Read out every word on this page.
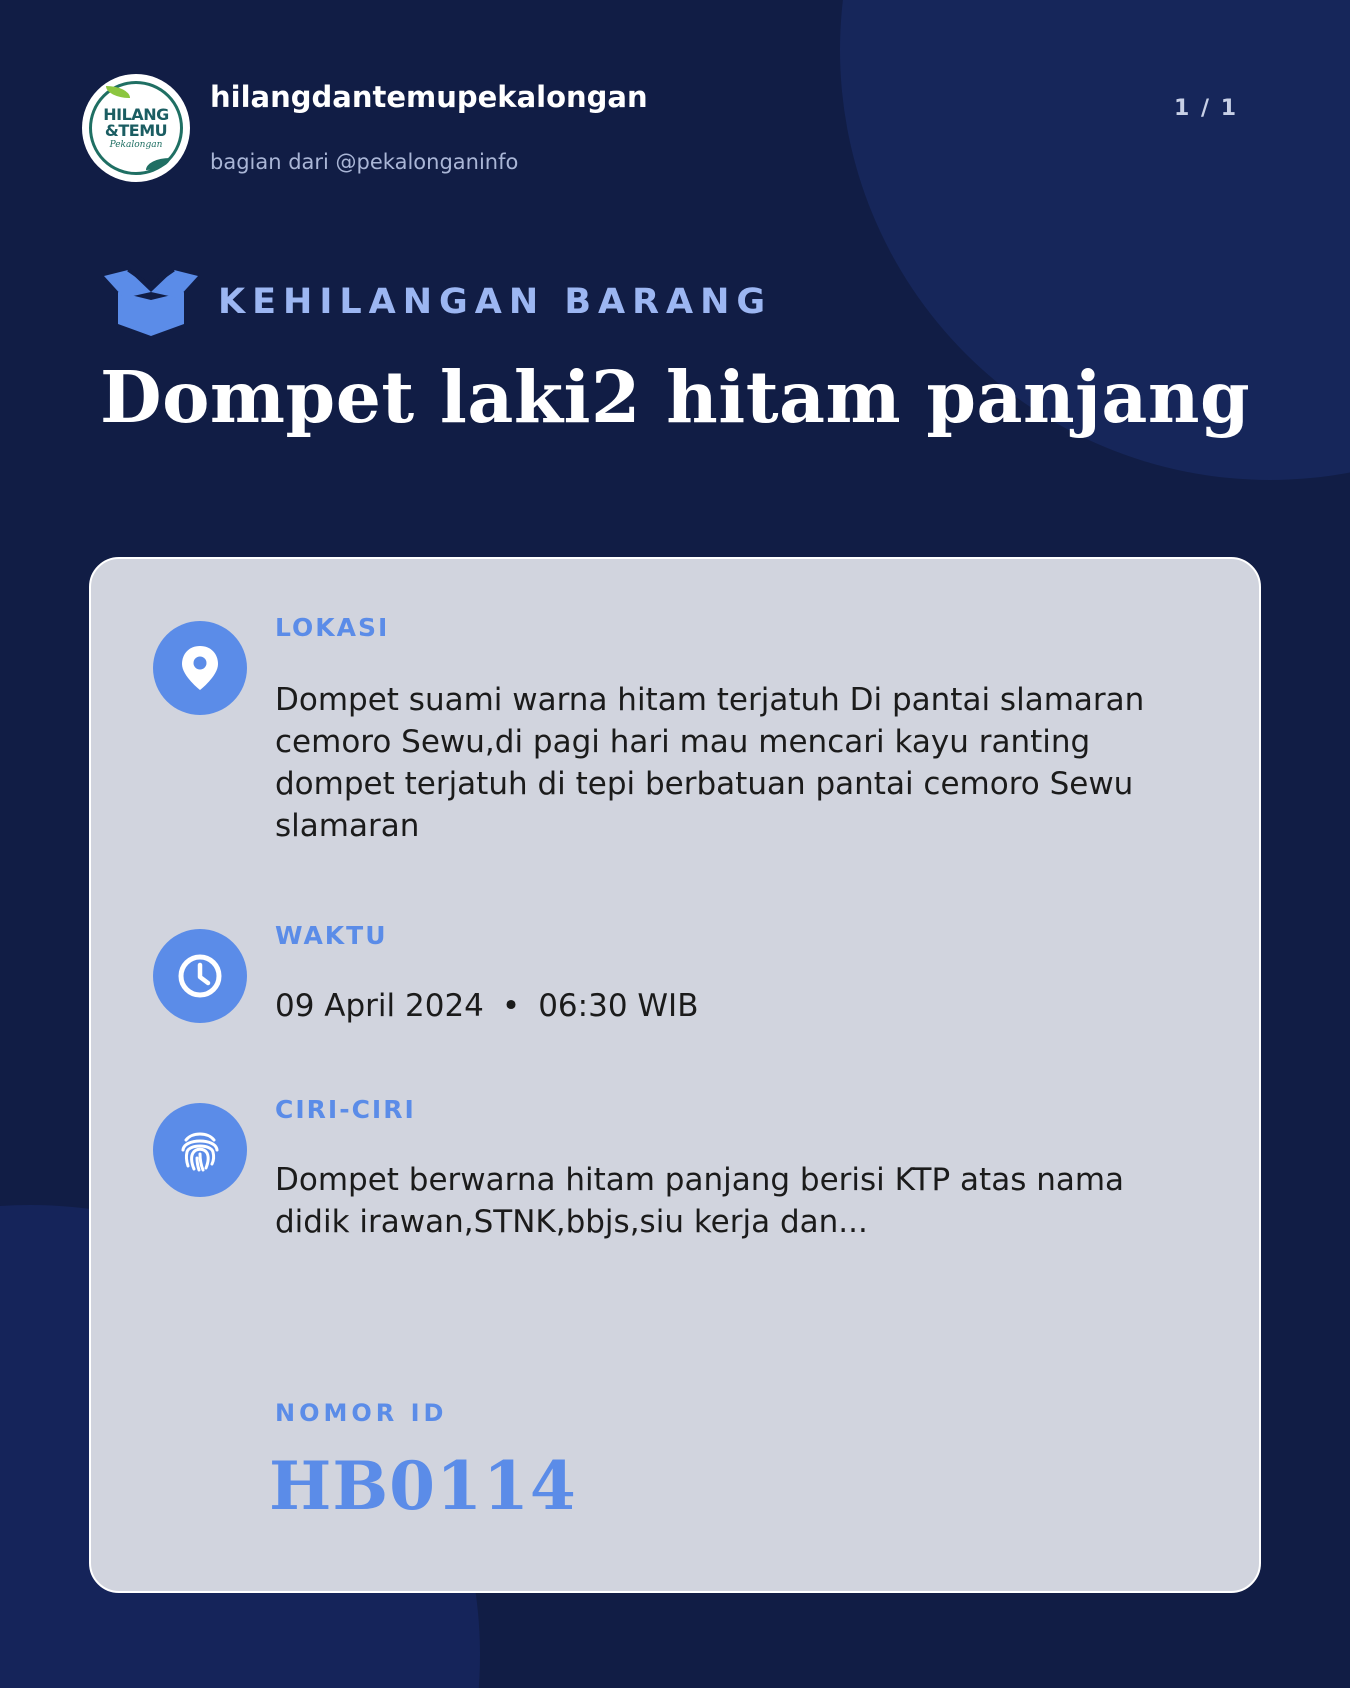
HILANG
&TEMU
Pekalongan
hilangdantemupekalongan
bagian dari @pekalonganinfo
1 / 1
KEHILANGAN BARANG
Dompet laki2 hitam panjang
LOKASI
Dompet suami warna hitam terjatuh Di pantai slamaran cemoro Sewu,di pagi hari mau mencari kayu ranting dompet terjatuh di tepi berbatuan pantai cemoro Sewu slamaran
WAKTU
09 April 2024 • 06:30 WIB
CIRI-CIRI
Dompet berwarna hitam panjang berisi KTP atas nama didik irawan,STNK,bbjs,siu kerja dan...
NOMOR ID
HB0114
